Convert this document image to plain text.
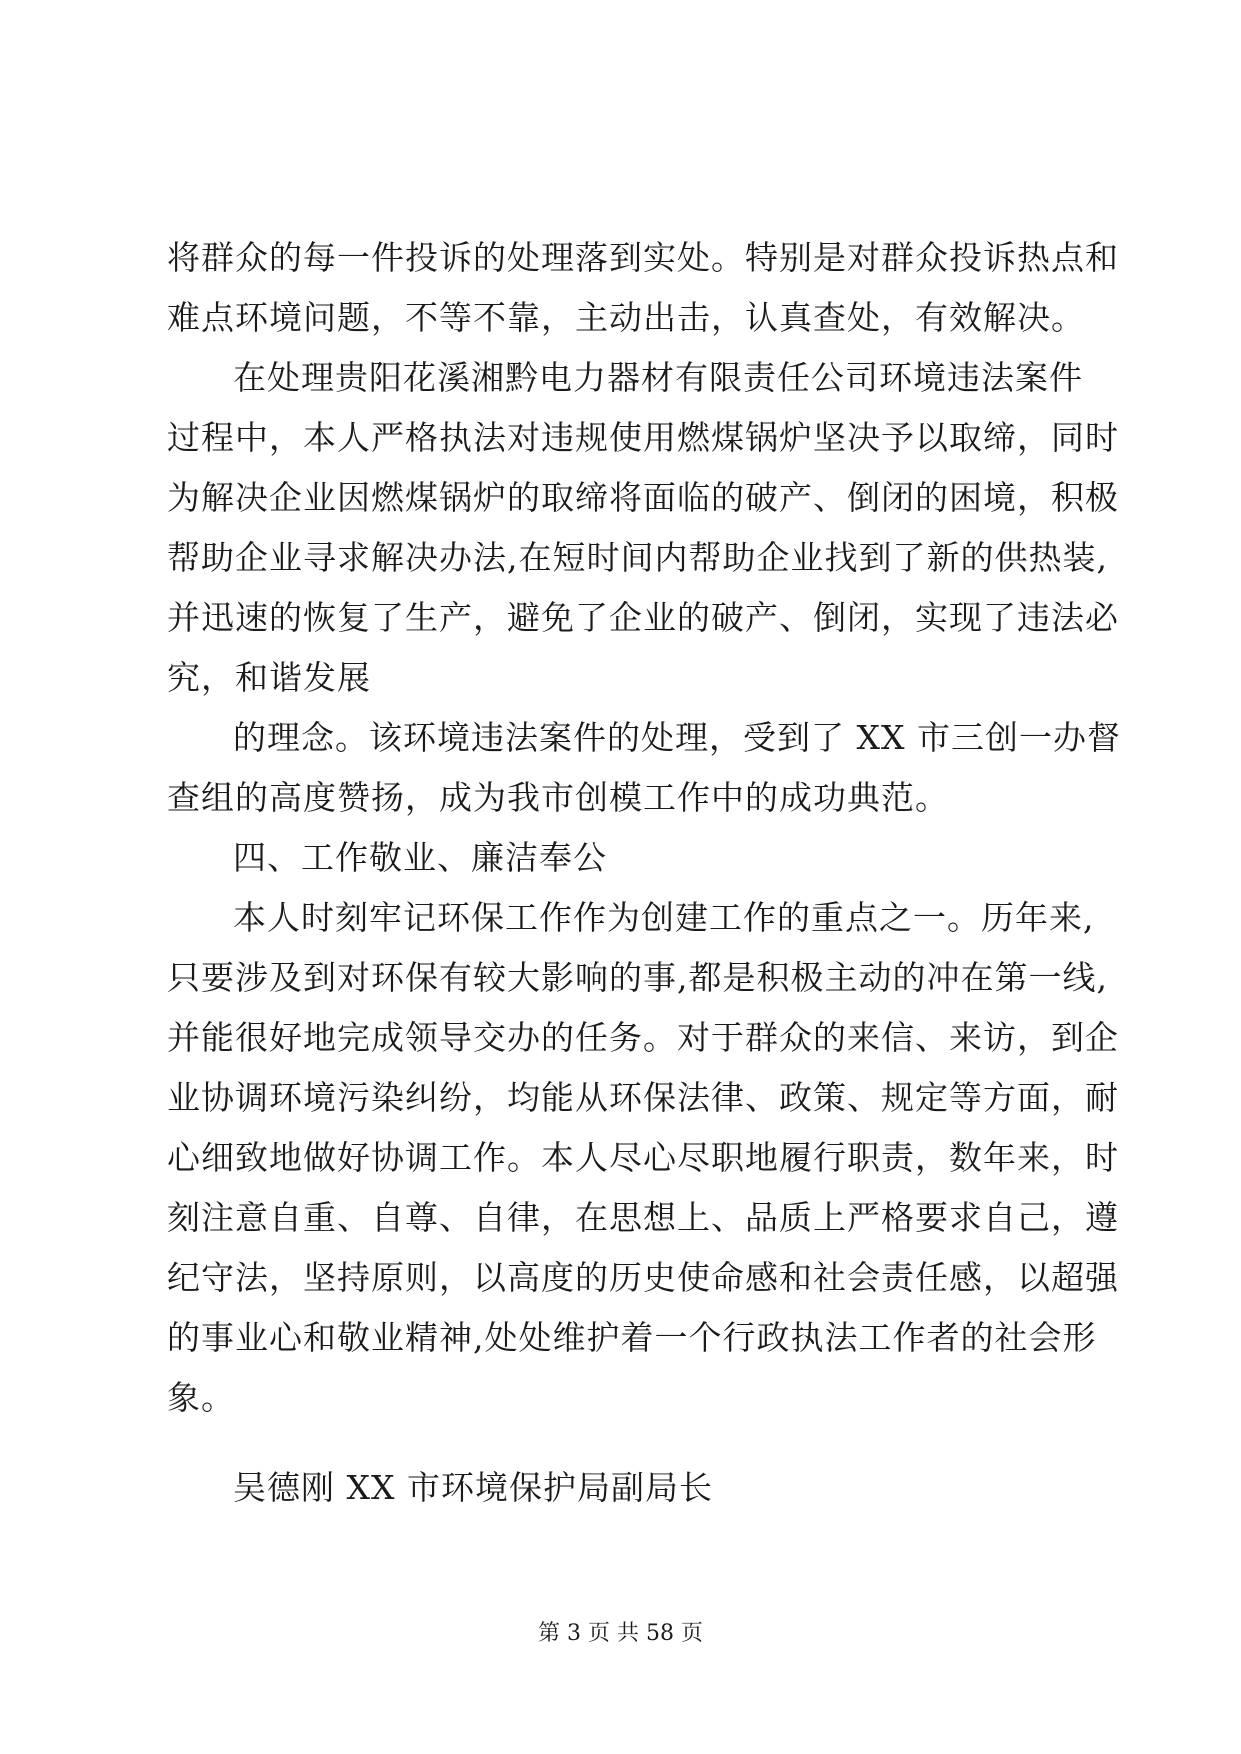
将群众的每一件投诉的处理落到实处。特别是对群众投诉热点和
难点环境问题，不等不靠，主动出击，认真查处，有效解决。
在处理贵阳花溪湘黔电力器材有限责任公司环境违法案件
过程中，本人严格执法对违规使用燃煤锅炉坚决予以取缔，同时
为解决企业因燃煤锅炉的取缔将面临的破产、倒闭的困境，积极
帮助企业寻求解决办法,在短时间内帮助企业找到了新的供热装,
并迅速的恢复了生产，避免了企业的破产、倒闭，实现了违法必
究，和谐发展
的理念。该环境违法案件的处理，受到了 XX 市三创一办督
查组的高度赞扬，成为我市创模工作中的成功典范。
四、工作敬业、廉洁奉公
本人时刻牢记环保工作作为创建工作的重点之一。历年来,
只要涉及到对环保有较大影响的事,都是积极主动的冲在第一线,
并能很好地完成领导交办的任务。对于群众的来信、来访，到企
业协调环境污染纠纷，均能从环保法律、政策、规定等方面，耐
心细致地做好协调工作。本人尽心尽职地履行职责，数年来，时
刻注意自重、自尊、自律，在思想上、品质上严格要求自己，遵
纪守法，坚持原则，以高度的历史使命感和社会责任感，以超强
的事业心和敬业精神,处处维护着一个行政执法工作者的社会形
象。
吴德刚 XX 市环境保护局副局长
第 3 页 共 58 页
